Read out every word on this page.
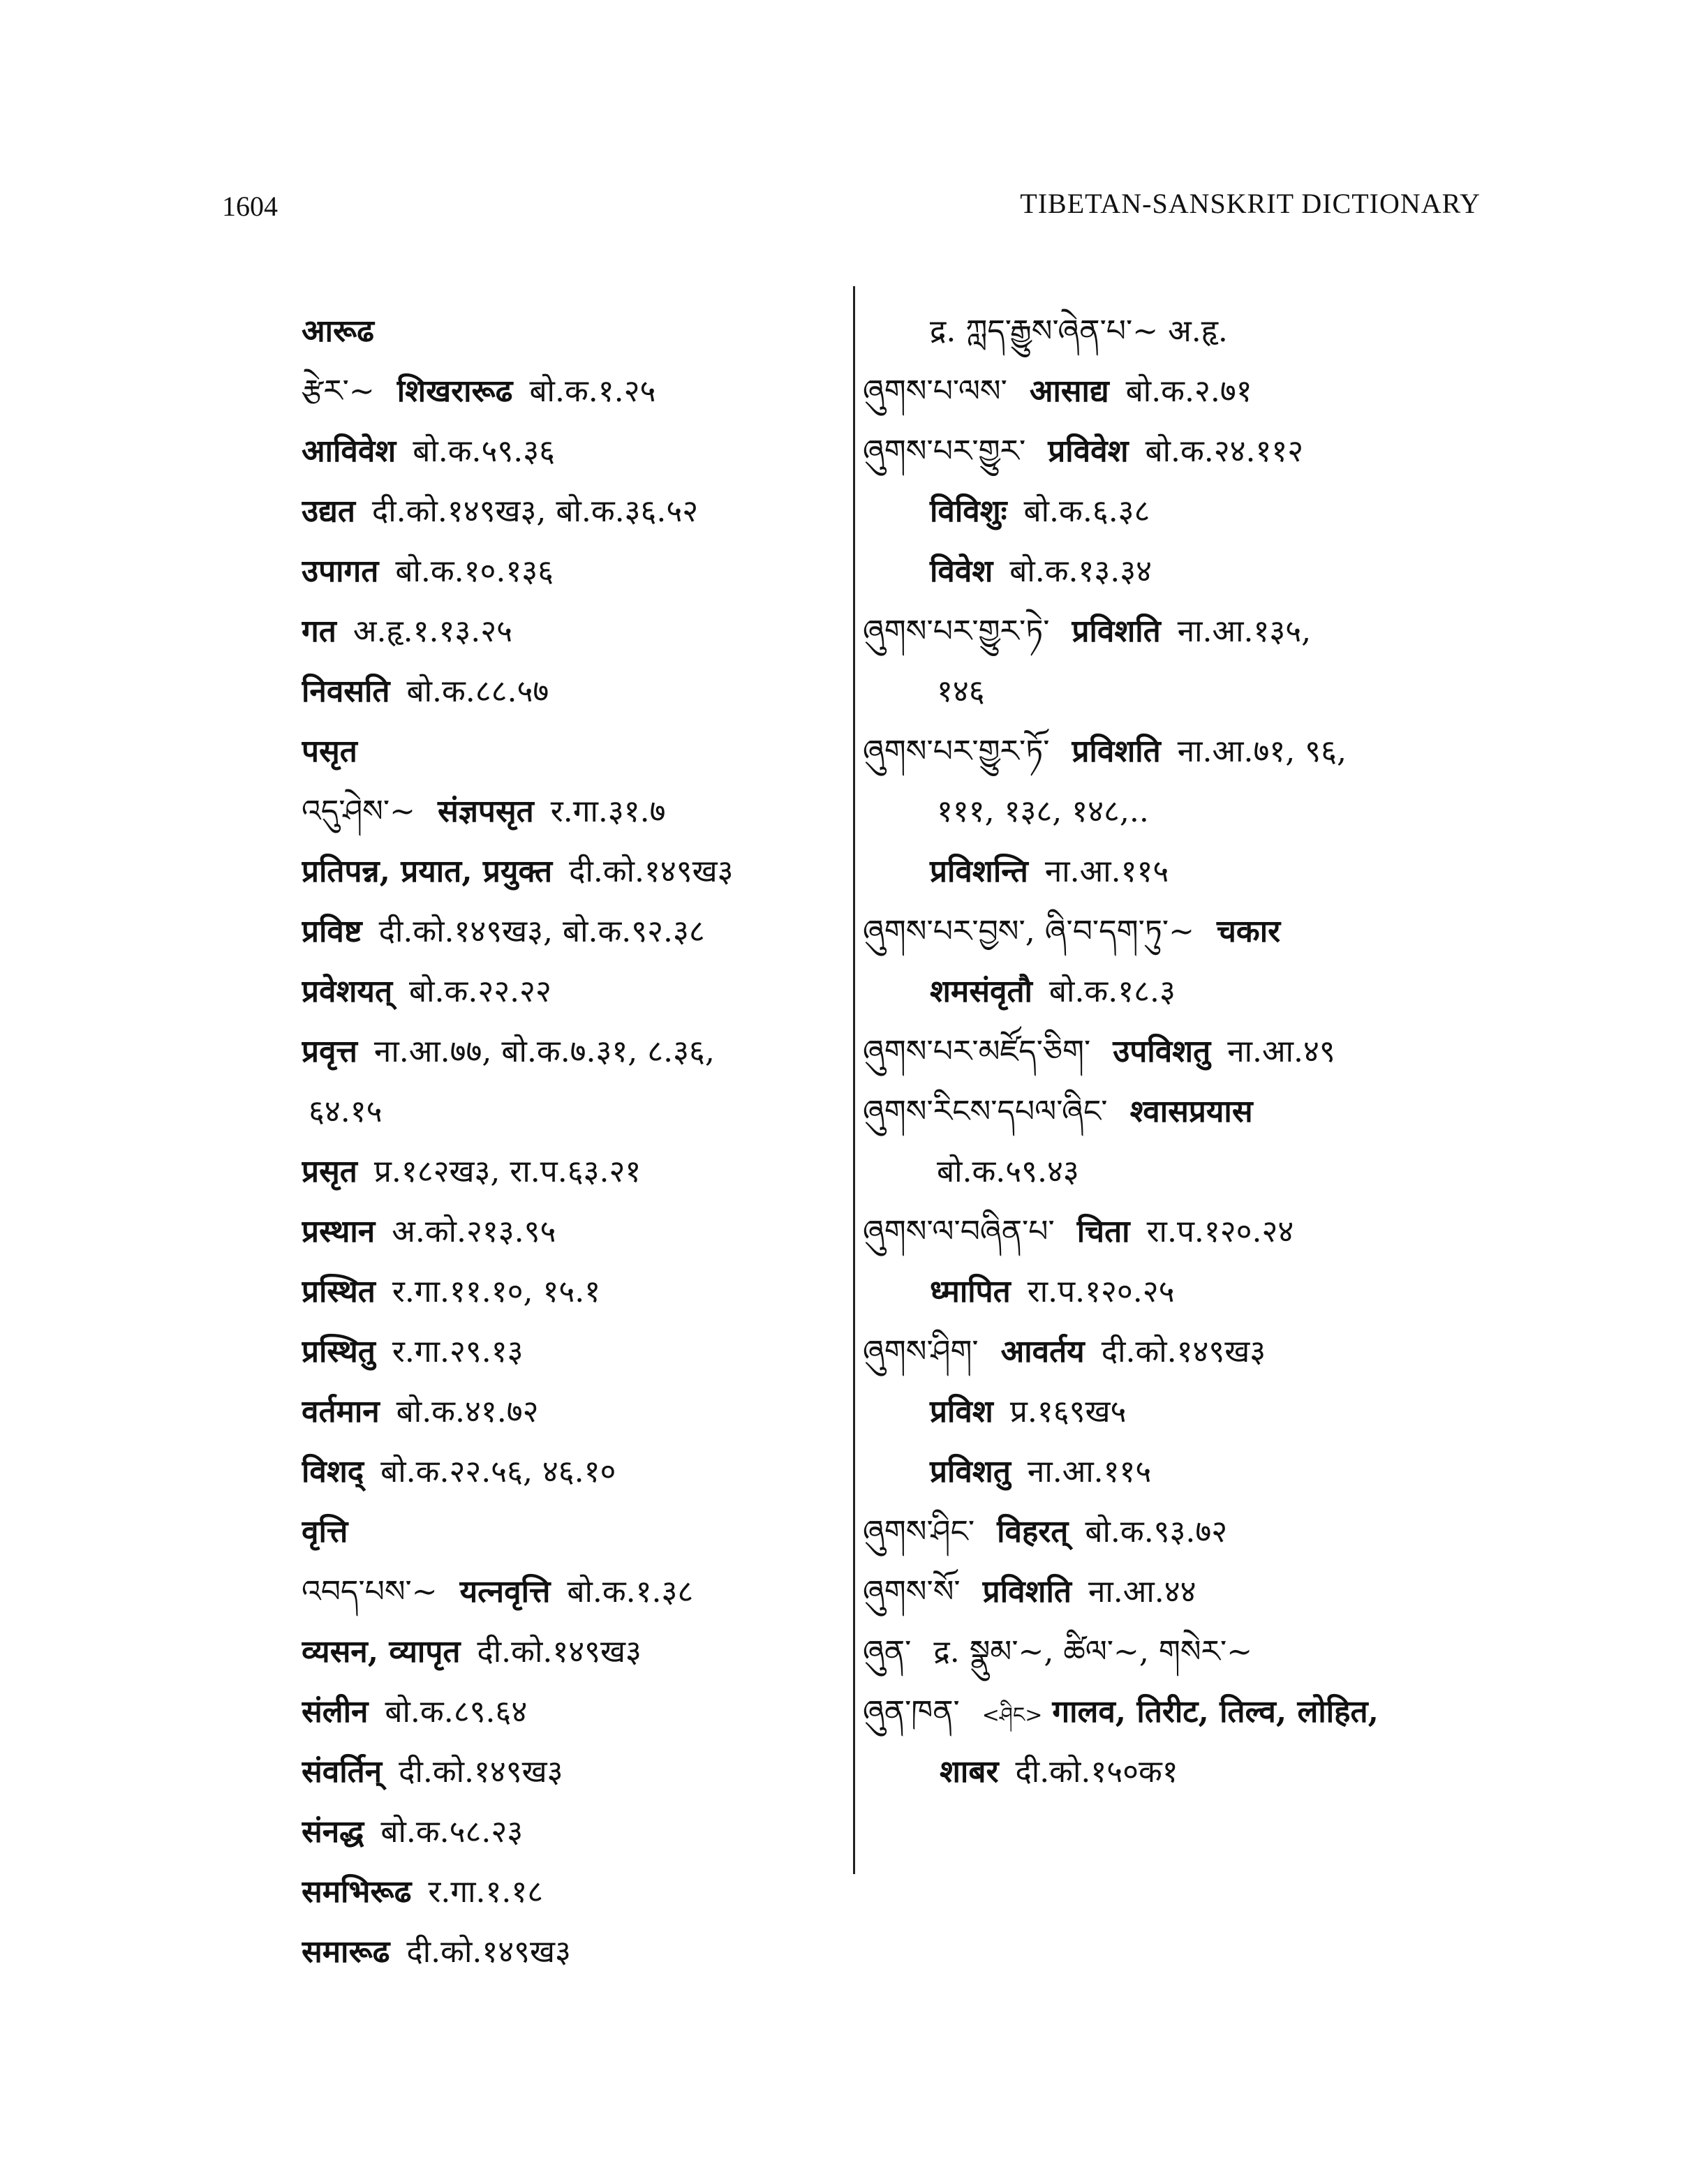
1604	TIBETAN-SANSKRIT DICTIONARY
आरूढ
རྩེར་~ शिखरारूढ बो.क.१.२५
आविवेश बो.क.५९.३६
उद्यत दी.को.१४९ख३, बो.क.३६.५२
उपागत बो.क.१०.१३६
गत अ.हृ.१.१३.२५
निवसति बो.क.८८.५७
पसृत
འདུ་ཤེས་~ संज्ञपसृत र.गा.३१.७
प्रतिपन्न, प्रयात, प्रयुक्त दी.को.१४९ख३
प्रविष्ट दी.को.१४९ख३, बो.क.९२.३८
प्रवेशयत् बो.क.२२.२२
प्रवृत्त ना.आ.७७, बो.क.७.३१, ८.३६,
६४.१५
प्रसृत प्र.१८२ख३, रा.प.६३.२१
प्रस्थान अ.को.२१३.९५
प्रस्थित र.गा.११.१०, १५.१
प्रस्थितु र.गा.२९.१३
वर्तमान बो.क.४१.७२
विशद् बो.क.२२.५६, ४६.१०
वृत्ति
འབད་པས་~ यत्नवृत्ति बो.क.१.३८
व्यसन, व्यापृत दी.को.१४९ख३
संलीन बो.क.८९.६४
संवर्तिन् दी.को.१४९ख३
संनद्ध बो.क.५८.२३
समभिरूढ र.गा.१.१८
समारूढ दी.को.१४९ख३
द्र. ཀླད་རྒྱུས་ཞེན་པ་~ अ.हृ.
ཞུགས་པ་ལས་ आसाद्य बो.क.२.७१
ཞུགས་པར་གྱུར་ प्रविवेश बो.क.२४.११२
विविशुः बो.क.६.३८
विवेश बो.क.१३.३४
ཞུགས་པར་གྱུར་ཏེ་ प्रविशति ना.आ.१३५,
१४६
ཞུགས་པར་གྱུར་ཏོ་ प्रविशति ना.आ.७१, ९६,
१११, १३८, १४८,..
प्रविशन्ति ना.आ.११५
ཞུགས་པར་བྱས་, ཞི་བ་དག་ཏུ་~ चकार
शमसंवृतौ बो.क.१८.३
ཞུགས་པར་མཛོད་ཅིག་ उपविशतु ना.आ.४९
ཞུགས་རིངས་དཔལ་ཞིང་ श्वासप्रयास
बो.क.५९.४३
ཞུགས་ལ་བཞིན་པ་ चिता रा.प.१२०.२४
ध्मापित रा.प.१२०.२५
ཞུགས་ཤིག་ आवर्तय दी.को.१४९ख३
प्रविश प्र.१६९ख५
प्रविशतु ना.आ.११५
ཞུགས་ཤིང་ विहरत् बो.क.९३.७२
ཞུགས་སོ་ प्रविशति ना.आ.४४
ཞུན་ द्र. སྣུམ་~, ཚིལ་~, གསེར་~
ཞུན་ཁན་ <ཤིང> गालव, तिरीट, तिल्व, लोहित,
शाबर दी.को.१५०क१
